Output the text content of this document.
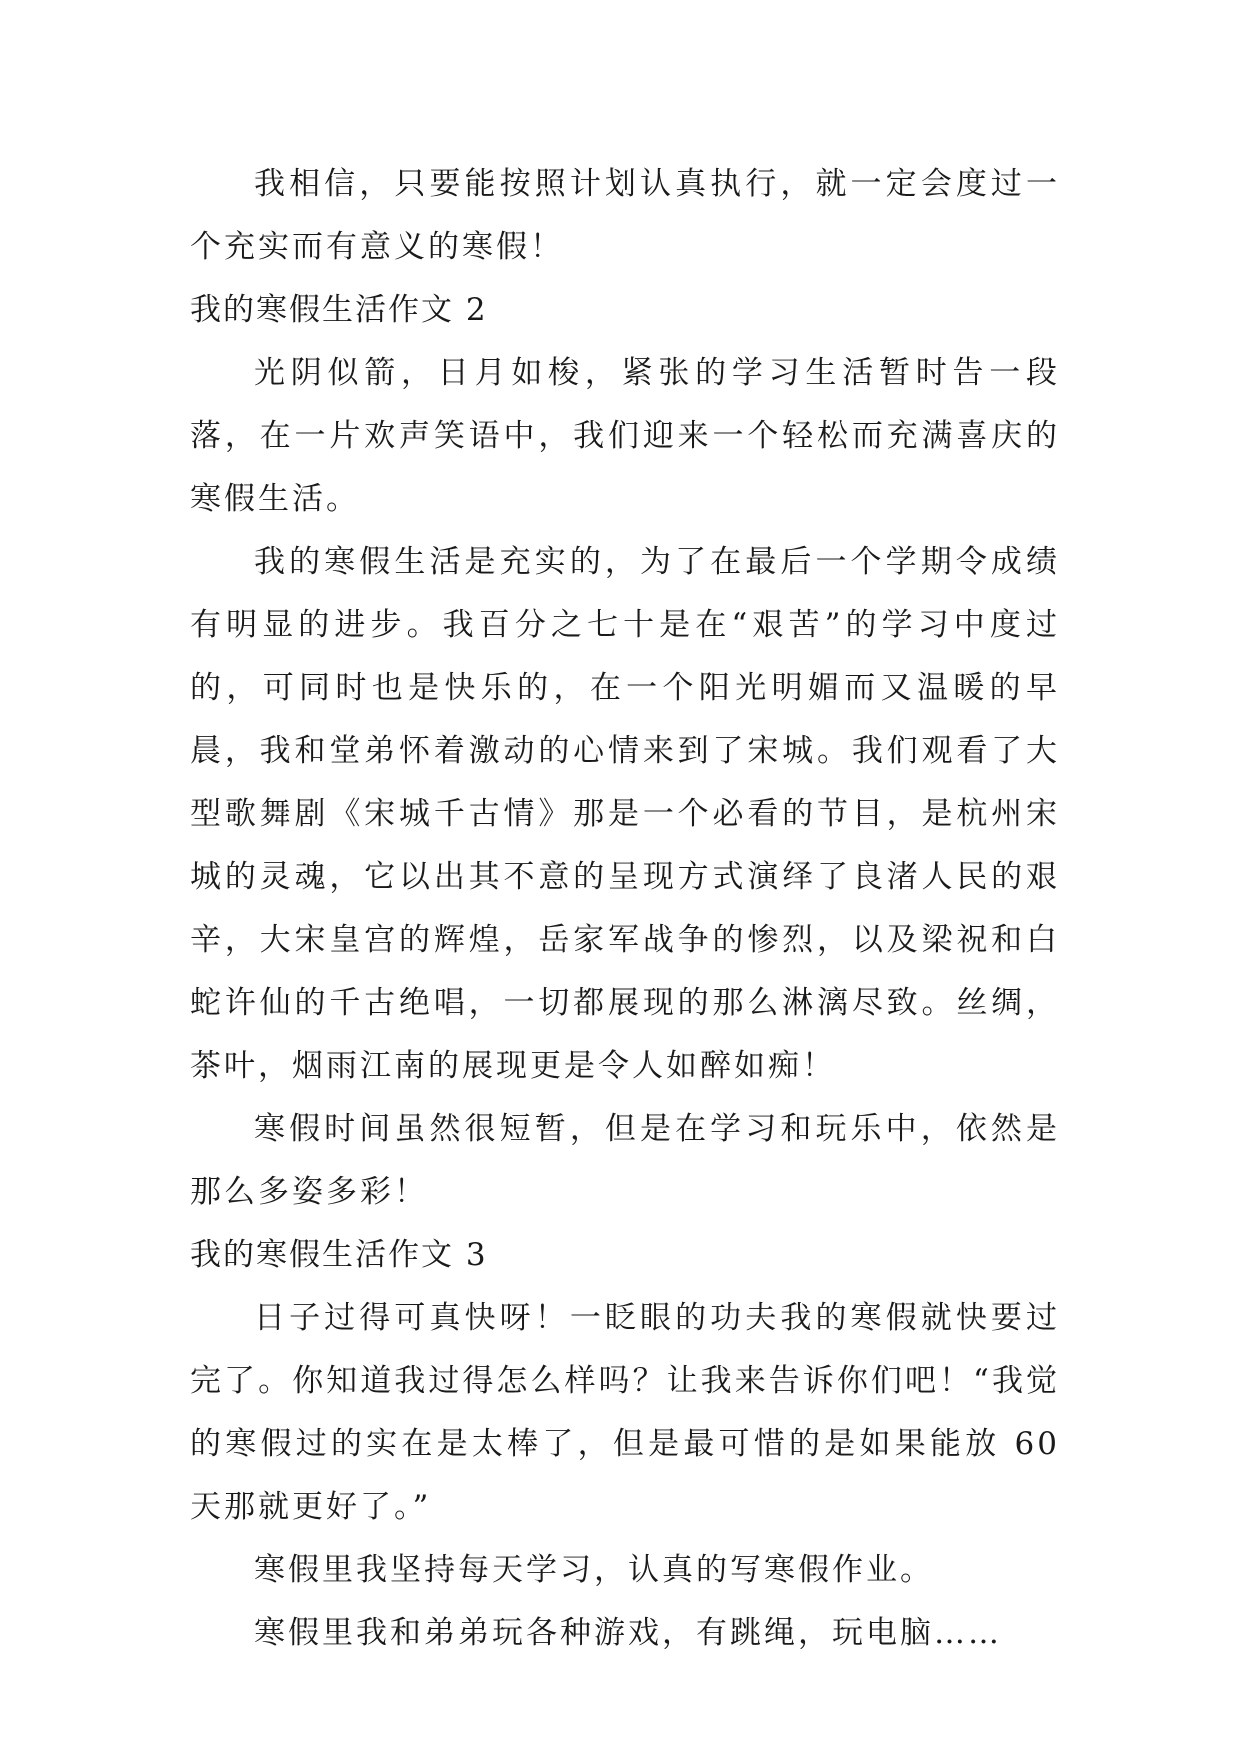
我相信，只要能按照计划认真执行，就一定会度过一个充实而有意义的寒假！

我的寒假生活作文 2

光阴似箭，日月如梭，紧张的学习生活暂时告一段落，在一片欢声笑语中，我们迎来一个轻松而充满喜庆的寒假生活。

我的寒假生活是充实的，为了在最后一个学期令成绩有明显的进步。我百分之七十是在“艰苦”的学习中度过的，可同时也是快乐的，在一个阳光明媚而又温暖的早晨，我和堂弟怀着激动的心情来到了宋城。我们观看了大型歌舞剧《宋城千古情》那是一个必看的节目，是杭州宋城的灵魂，它以出其不意的呈现方式演绎了良渚人民的艰辛，大宋皇宫的辉煌，岳家军战争的惨烈，以及梁祝和白蛇许仙的千古绝唱，一切都展现的那么淋漓尽致。丝绸，茶叶，烟雨江南的展现更是令人如醉如痴！

寒假时间虽然很短暂，但是在学习和玩乐中，依然是那么多姿多彩！

我的寒假生活作文 3

日子过得可真快呀！一眨眼的功夫我的寒假就快要过完了。你知道我过得怎么样吗？让我来告诉你们吧！“我觉的寒假过的实在是太棒了，但是最可惜的是如果能放 60 天那就更好了。”

寒假里我坚持每天学习，认真的写寒假作业。

寒假里我和弟弟玩各种游戏，有跳绳，玩电脑……
